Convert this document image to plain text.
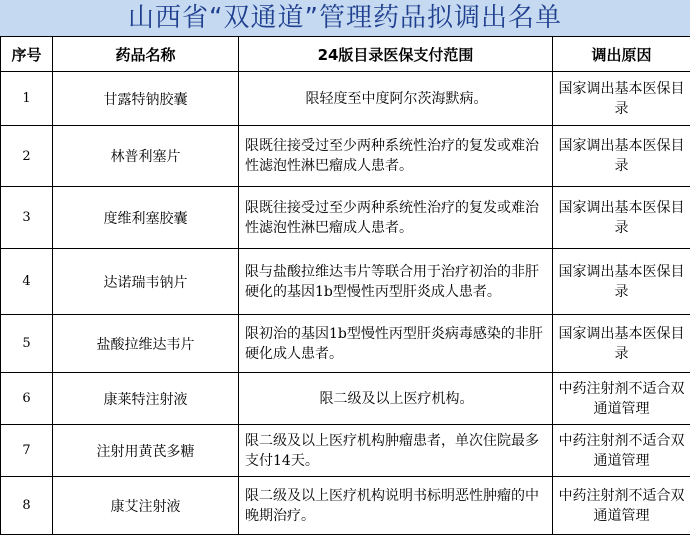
山西省“双通道”管理药品拟调出名单
序号	药品名称	24版目录医保支付范围	调出原因
1	甘露特钠胶囊	限轻度至中度阿尔茨海默病。	国家调出基本医保目录
2	林普利塞片	限既往接受过至少两种系统性治疗的复发或难治性滤泡性淋巴瘤成人患者。	国家调出基本医保目录
3	度维利塞胶囊	限既往接受过至少两种系统性治疗的复发或难治性滤泡性淋巴瘤成人患者。	国家调出基本医保目录
4	达诺瑞韦钠片	限与盐酸拉维达韦片等联合用于治疗初治的非肝硬化的基因1b型慢性丙型肝炎成人患者。	国家调出基本医保目录
5	盐酸拉维达韦片	限初治的基因1b型慢性丙型肝炎病毒感染的非肝硬化成人患者。	国家调出基本医保目录
6	康莱特注射液	限二级及以上医疗机构。	中药注射剂不适合双通道管理
7	注射用黄芪多糖	限二级及以上医疗机构肿瘤患者，单次住院最多支付14天。	中药注射剂不适合双通道管理
8	康艾注射液	限二级及以上医疗机构说明书标明恶性肿瘤的中晚期治疗。	中药注射剂不适合双通道管理
